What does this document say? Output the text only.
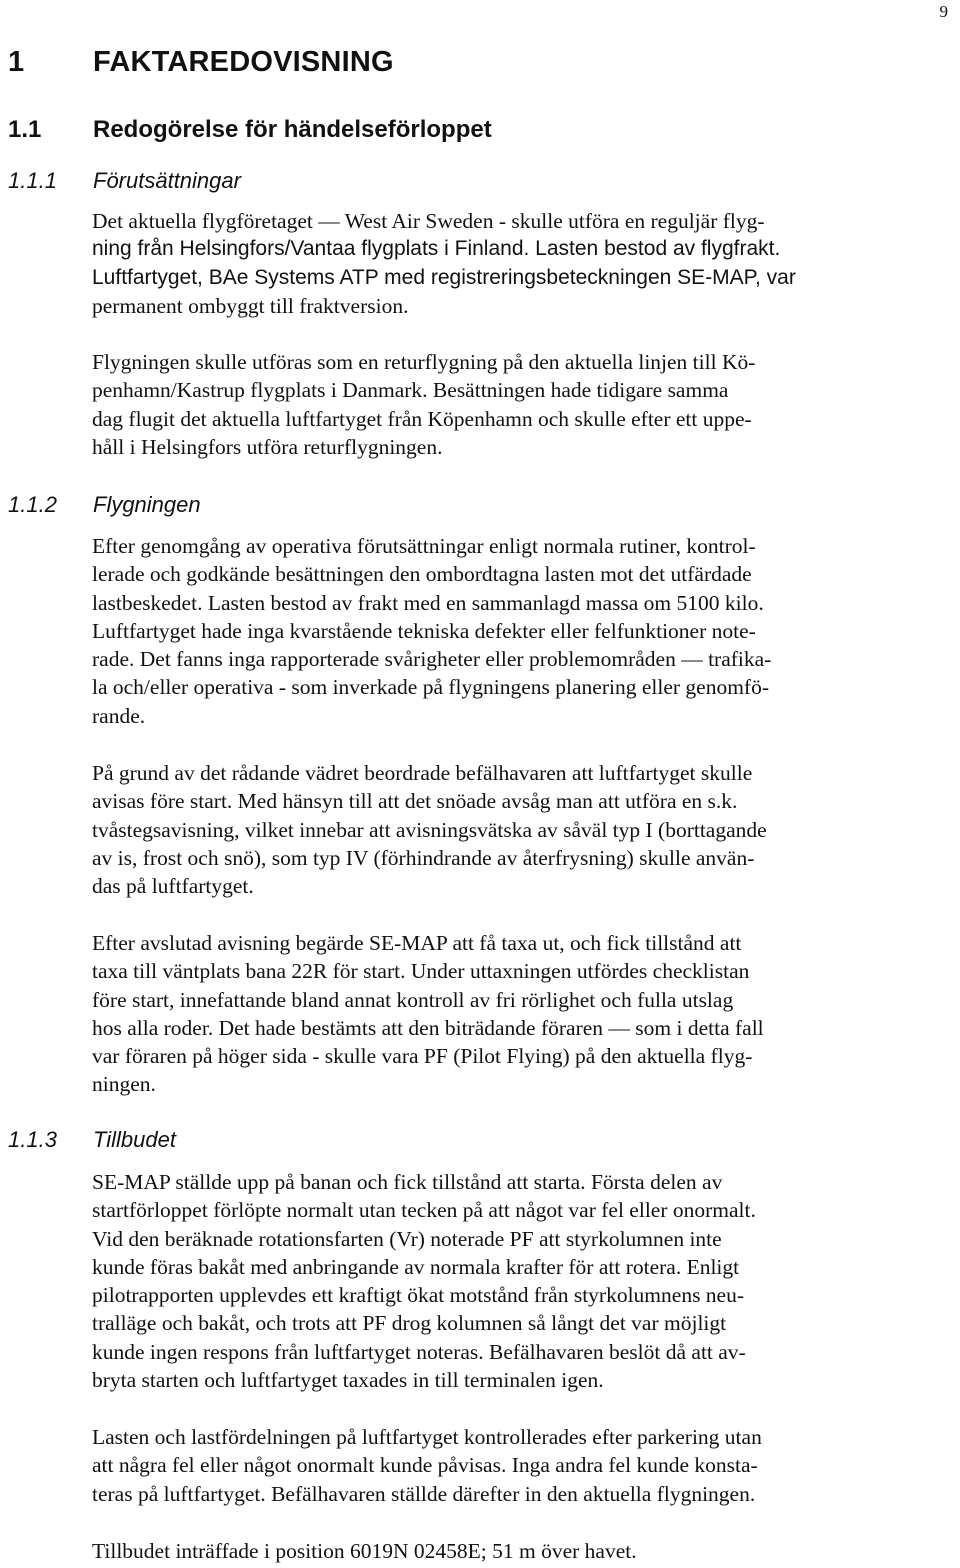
9
1 FAKTAREDOVISNING
1.1 Redogörelse för händelseförloppet
1.1.1 Förutsättningar
Det aktuella flygföretaget — West Air Sweden - skulle utföra en reguljär flyg-
ning från Helsingfors/Vantaa flygplats i Finland. Lasten bestod av flygfrakt.
Luftfartyget, BAe Systems ATP med registreringsbeteckningen SE-MAP, var
permanent ombyggt till fraktversion.
Flygningen skulle utföras som en returflygning på den aktuella linjen till Kö-
penhamn/Kastrup flygplats i Danmark. Besättningen hade tidigare samma
dag flugit det aktuella luftfartyget från Köpenhamn och skulle efter ett uppe-
håll i Helsingfors utföra returflygningen.
1.1.2 Flygningen
Efter genomgång av operativa förutsättningar enligt normala rutiner, kontrol-
lerade och godkände besättningen den ombordtagna lasten mot det utfärdade
lastbeskedet. Lasten bestod av frakt med en sammanlagd massa om 5100 kilo.
Luftfartyget hade inga kvarstående tekniska defekter eller felfunktioner note-
rade. Det fanns inga rapporterade svårigheter eller problemområden — trafika-
la och/eller operativa - som inverkade på flygningens planering eller genomfö-
rande.
På grund av det rådande vädret beordrade befälhavaren att luftfartyget skulle
avisas före start. Med hänsyn till att det snöade avsåg man att utföra en s.k.
tvåstegsavisning, vilket innebar att avisningsvätska av såväl typ I (borttagande
av is, frost och snö), som typ IV (förhindrande av återfrysning) skulle använ-
das på luftfartyget.
Efter avslutad avisning begärde SE-MAP att få taxa ut, och fick tillstånd att
taxa till väntplats bana 22R för start. Under uttaxningen utfördes checklistan
före start, innefattande bland annat kontroll av fri rörlighet och fulla utslag
hos alla roder. Det hade bestämts att den biträdande föraren — som i detta fall
var föraren på höger sida - skulle vara PF (Pilot Flying) på den aktuella flyg-
ningen.
1.1.3 Tillbudet
SE-MAP ställde upp på banan och fick tillstånd att starta. Första delen av
startförloppet förlöpte normalt utan tecken på att något var fel eller onormalt.
Vid den beräknade rotationsfarten (Vr) noterade PF att styrkolumnen inte
kunde föras bakåt med anbringande av normala krafter för att rotera. Enligt
pilotrapporten upplevdes ett kraftigt ökat motstånd från styrkolumnens neu-
tralläge och bakåt, och trots att PF drog kolumnen så långt det var möjligt
kunde ingen respons från luftfartyget noteras. Befälhavaren beslöt då att av-
bryta starten och luftfartyget taxades in till terminalen igen.
Lasten och lastfördelningen på luftfartyget kontrollerades efter parkering utan
att några fel eller något onormalt kunde påvisas. Inga andra fel kunde konsta-
teras på luftfartyget. Befälhavaren ställde därefter in den aktuella flygningen.
Tillbudet inträffade i position 6019N 02458E; 51 m över havet.
